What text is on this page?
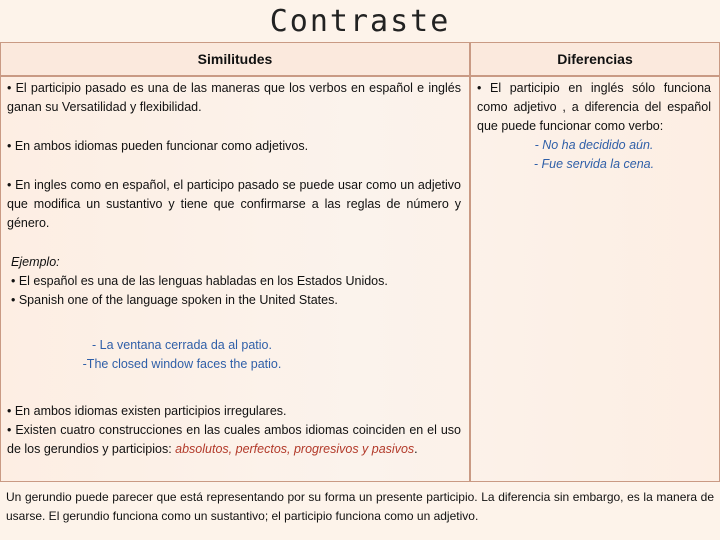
Contraste
Similitudes	Diferencias

• El participio pasado es una de las maneras que los verbos en español e inglés ganan su Versatilidad y flexibilidad.

• En ambos idiomas pueden funcionar como adjetivos.

• En ingles como en español, el participo pasado se puede usar como un adjetivo que modifica un sustantivo y tiene que confirmarse a las reglas de número y género.

Ejemplo:

• El español es una de las lenguas habladas en los Estados Unidos.

• Spanish one of the language spoken in the United States.

- La ventana cerrada da al patio.

-The closed window faces the patio.

• En ambos idiomas existen participios irregulares.

• Existen cuatro construcciones en las cuales ambos idiomas coinciden en el uso de los gerundios y participios: absolutos, perfectos, progresivos y pasivos.

• El participio en inglés sólo funciona como adjetivo , a diferencia del español que puede funcionar como verbo:

- No ha decidido aún.

- Fue servida la cena.

Un gerundio puede parecer que está representando por su forma un presente participio. La diferencia sin embargo, es la manera de usarse. El gerundio funciona como un sustantivo; el participio funciona como un adjetivo.
